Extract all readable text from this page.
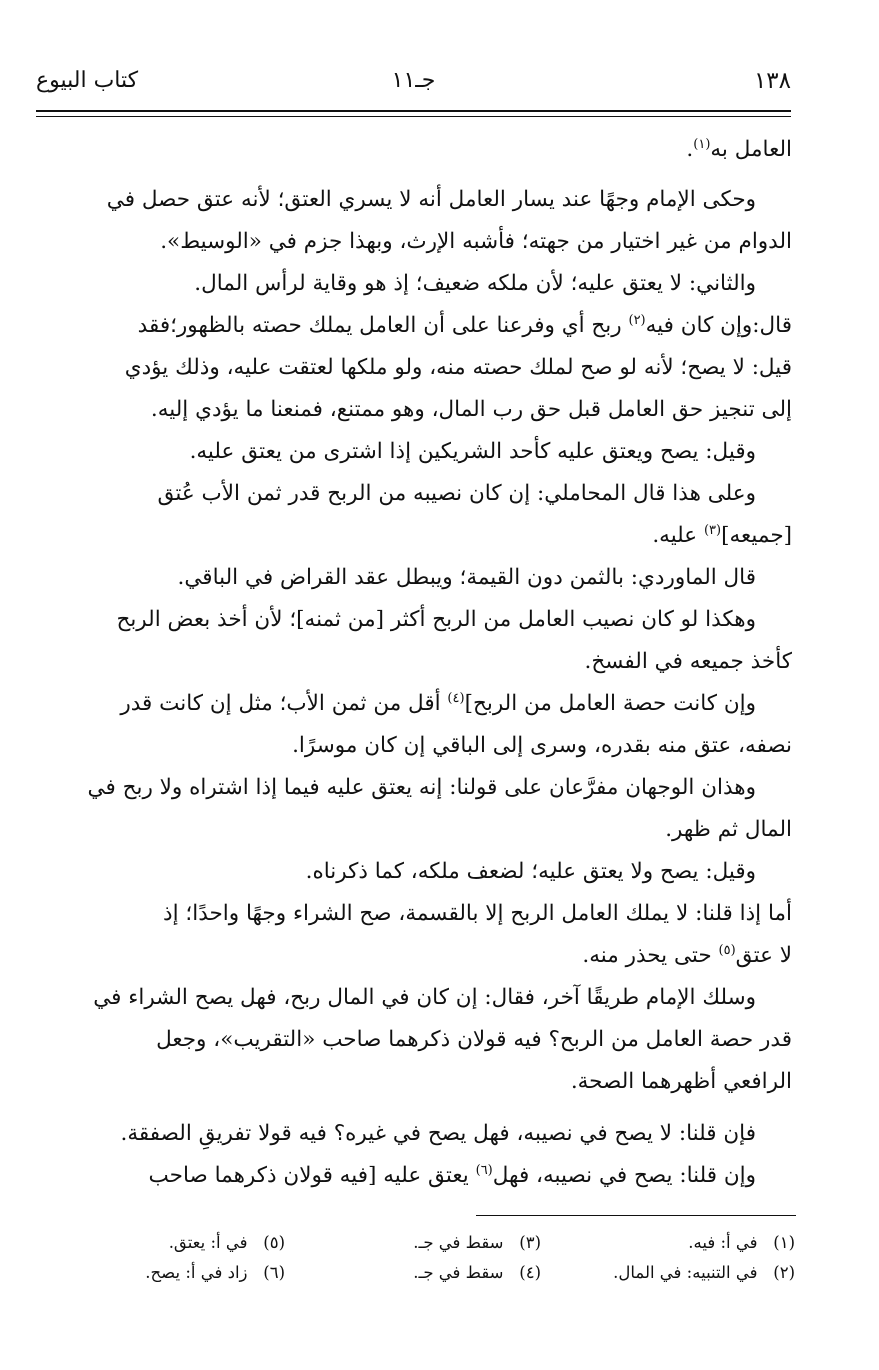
١٣٨
جـ١١
كتاب البيوع
العامل به$^{(١)}$.
وحكى الإمام وجهًا عند يسار العامل أنه لا يسري العتق؛ لأنه عتق حصل في
الدوام من غير اختيار من جهته؛ فأشبه الإرث، وبهذا جزم في «الوسيط».
والثاني: لا يعتق عليه؛ لأن ملكه ضعيف؛ إذ هو وقاية لرأس المال.
قال:وإن كان فيه$^{(٢)}$ ربح أي وفرعنا على أن العامل يملك حصته بالظهور؛فقد
قيل: لا يصح؛ لأنه لو صح لملك حصته منه، ولو ملكها لعتقت عليه، وذلك يؤدي
إلى تنجيز حق العامل قبل حق رب المال، وهو ممتنع، فمنعنا ما يؤدي إليه.
وقيل: يصح ويعتق عليه كأحد الشريكين إذا اشترى من يعتق عليه.
وعلى هذا قال المحاملي: إن كان نصيبه من الربح قدر ثمن الأب عُتق
[جميعه]$^{(٣)}$ عليه.
قال الماوردي: بالثمن دون القيمة؛ ويبطل عقد القراض في الباقي.
وهكذا لو كان نصيب العامل من الربح أكثر [من ثمنه]؛ لأن أخذ بعض الربح
كأخذ جميعه في الفسخ.
وإن كانت حصة العامل من الربح]$^{(٤)}$ أقل من ثمن الأب؛ مثل إن كانت قدر
نصفه، عتق منه بقدره، وسرى إلى الباقي إن كان موسرًا.
وهذان الوجهان مفرَّعان على قولنا: إنه يعتق عليه فيما إذا اشتراه ولا ربح في
المال ثم ظهر.
وقيل: يصح ولا يعتق عليه؛ لضعف ملكه، كما ذكرناه.
أما إذا قلنا: لا يملك العامل الربح إلا بالقسمة، صح الشراء وجهًا واحدًا؛ إذ
لا عتق$^{(٥)}$ حتى يحذر منه.
وسلك الإمام طريقًا آخر، فقال: إن كان في المال ربح، فهل يصح الشراء في
قدر حصة العامل من الربح؟ فيه قولان ذكرهما صاحب «التقريب»، وجعل
الرافعي أظهرهما الصحة.
فإن قلنا: لا يصح في نصيبه، فهل يصح في غيره؟ فيه قولا تفريقِ الصفقة.
وإن قلنا: يصح في نصيبه، فهل$^{(٦)}$ يعتق عليه [فيه قولان ذكرهما صاحب
(١)   في أ: فيه.
(٢)   في التنبيه: في المال.
(٣)   سقط في جـ.
(٤)   سقط في جـ.
(٥)   في أ: يعتق.
(٦)   زاد في أ: يصح.
